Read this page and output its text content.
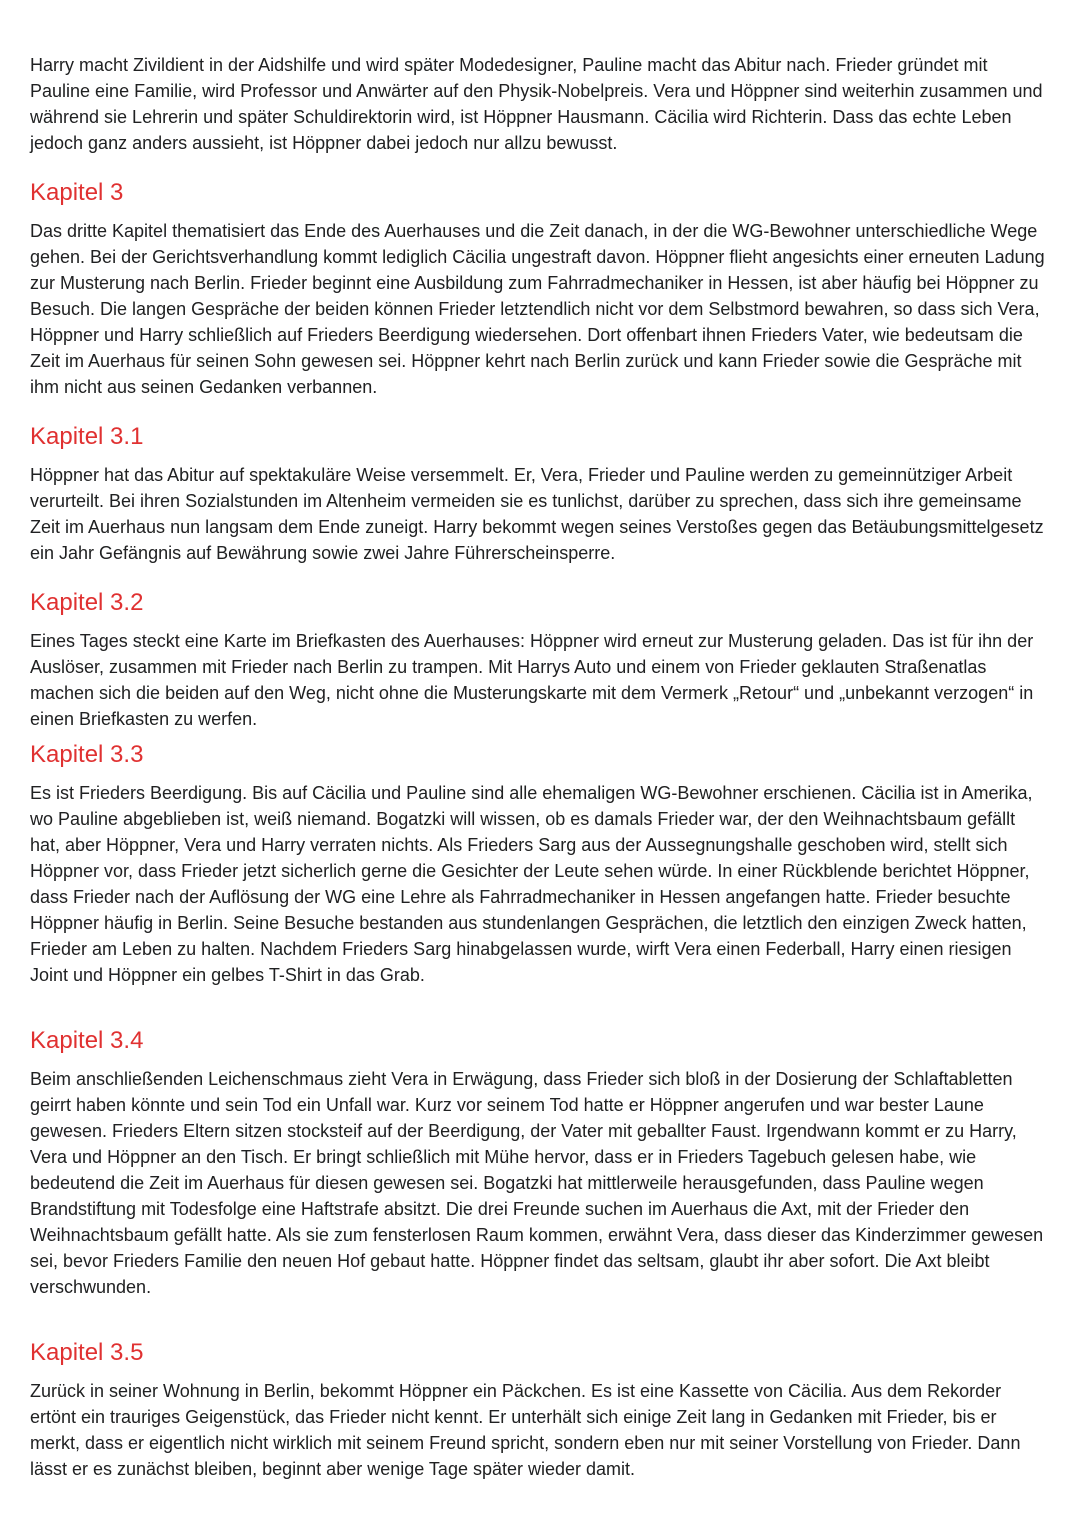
Harry macht Zivildient in der Aidshilfe und wird später Modedesigner, Pauline macht das Abitur nach. Frieder gründet mit Pauline eine Familie, wird Professor und Anwärter auf den Physik-Nobelpreis. Vera und Höppner sind weiterhin zusammen und während sie Lehrerin und später Schuldirektorin wird, ist Höppner Hausmann. Cäcilia wird Richterin. Dass das echte Leben jedoch ganz anders aussieht, ist Höppner dabei jedoch nur allzu bewusst.

Kapitel 3

Das dritte Kapitel thematisiert das Ende des Auerhauses und die Zeit danach, in der die WG-Bewohner unterschiedliche Wege gehen. Bei der Gerichtsverhandlung kommt lediglich Cäcilia ungestraft davon. Höppner flieht angesichts einer erneuten Ladung zur Musterung nach Berlin. Frieder beginnt eine Ausbildung zum Fahrradmechaniker in Hessen, ist aber häufig bei Höppner zu Besuch. Die langen Gespräche der beiden können Frieder letztendlich nicht vor dem Selbstmord bewahren, so dass sich Vera, Höppner und Harry schließlich auf Frieders Beerdigung wiedersehen. Dort offenbart ihnen Frieders Vater, wie bedeutsam die Zeit im Auerhaus für seinen Sohn gewesen sei. Höppner kehrt nach Berlin zurück und kann Frieder sowie die Gespräche mit ihm nicht aus seinen Gedanken verbannen.

Kapitel 3.1

Höppner hat das Abitur auf spektakuläre Weise versemmelt. Er, Vera, Frieder und Pauline werden zu gemeinnütziger Arbeit verurteilt. Bei ihren Sozialstunden im Altenheim vermeiden sie es tunlichst, darüber zu sprechen, dass sich ihre gemeinsame Zeit im Auerhaus nun langsam dem Ende zuneigt. Harry bekommt wegen seines Verstoßes gegen das Betäubungsmittelgesetz ein Jahr Gefängnis auf Bewährung sowie zwei Jahre Führerscheinsperre.

Kapitel 3.2

Eines Tages steckt eine Karte im Briefkasten des Auerhauses: Höppner wird erneut zur Musterung geladen. Das ist für ihn der Auslöser, zusammen mit Frieder nach Berlin zu trampen. Mit Harrys Auto und einem von Frieder geklauten Straßenatlas machen sich die beiden auf den Weg, nicht ohne die Musterungskarte mit dem Vermerk „Retour“ und „unbekannt verzogen“ in einen Briefkasten zu werfen.

Kapitel 3.3

Es ist Frieders Beerdigung. Bis auf Cäcilia und Pauline sind alle ehemaligen WG-Bewohner erschienen. Cäcilia ist in Amerika, wo Pauline abgeblieben ist, weiß niemand. Bogatzki will wissen, ob es damals Frieder war, der den Weihnachtsbaum gefällt hat, aber Höppner, Vera und Harry verraten nichts. Als Frieders Sarg aus der Aussegnungshalle geschoben wird, stellt sich Höppner vor, dass Frieder jetzt sicherlich gerne die Gesichter der Leute sehen würde. In einer Rückblende berichtet Höppner, dass Frieder nach der Auflösung der WG eine Lehre als Fahrradmechaniker in Hessen angefangen hatte. Frieder besuchte Höppner häufig in Berlin. Seine Besuche bestanden aus stundenlangen Gesprächen, die letztlich den einzigen Zweck hatten, Frieder am Leben zu halten. Nachdem Frieders Sarg hinabgelassen wurde, wirft Vera einen Federball, Harry einen riesigen Joint und Höppner ein gelbes T-Shirt in das Grab.

Kapitel 3.4

Beim anschließenden Leichenschmaus zieht Vera in Erwägung, dass Frieder sich bloß in der Dosierung der Schlaftabletten geirrt haben könnte und sein Tod ein Unfall war. Kurz vor seinem Tod hatte er Höppner angerufen und war bester Laune gewesen. Frieders Eltern sitzen stocksteif auf der Beerdigung, der Vater mit geballter Faust. Irgendwann kommt er zu Harry, Vera und Höppner an den Tisch. Er bringt schließlich mit Mühe hervor, dass er in Frieders Tagebuch gelesen habe, wie bedeutend die Zeit im Auerhaus für diesen gewesen sei. Bogatzki hat mittlerweile herausgefunden, dass Pauline wegen Brandstiftung mit Todesfolge eine Haftstrafe absitzt. Die drei Freunde suchen im Auerhaus die Axt, mit der Frieder den Weihnachtsbaum gefällt hatte. Als sie zum fensterlosen Raum kommen, erwähnt Vera, dass dieser das Kinderzimmer gewesen sei, bevor Frieders Familie den neuen Hof gebaut hatte. Höppner findet das seltsam, glaubt ihr aber sofort. Die Axt bleibt verschwunden.

Kapitel 3.5

Zurück in seiner Wohnung in Berlin, bekommt Höppner ein Päckchen. Es ist eine Kassette von Cäcilia. Aus dem Rekorder ertönt ein trauriges Geigenstück, das Frieder nicht kennt. Er unterhält sich einige Zeit lang in Gedanken mit Frieder, bis er merkt, dass er eigentlich nicht wirklich mit seinem Freund spricht, sondern eben nur mit seiner Vorstellung von Frieder. Dann lässt er es zunächst bleiben, beginnt aber wenige Tage später wieder damit.
